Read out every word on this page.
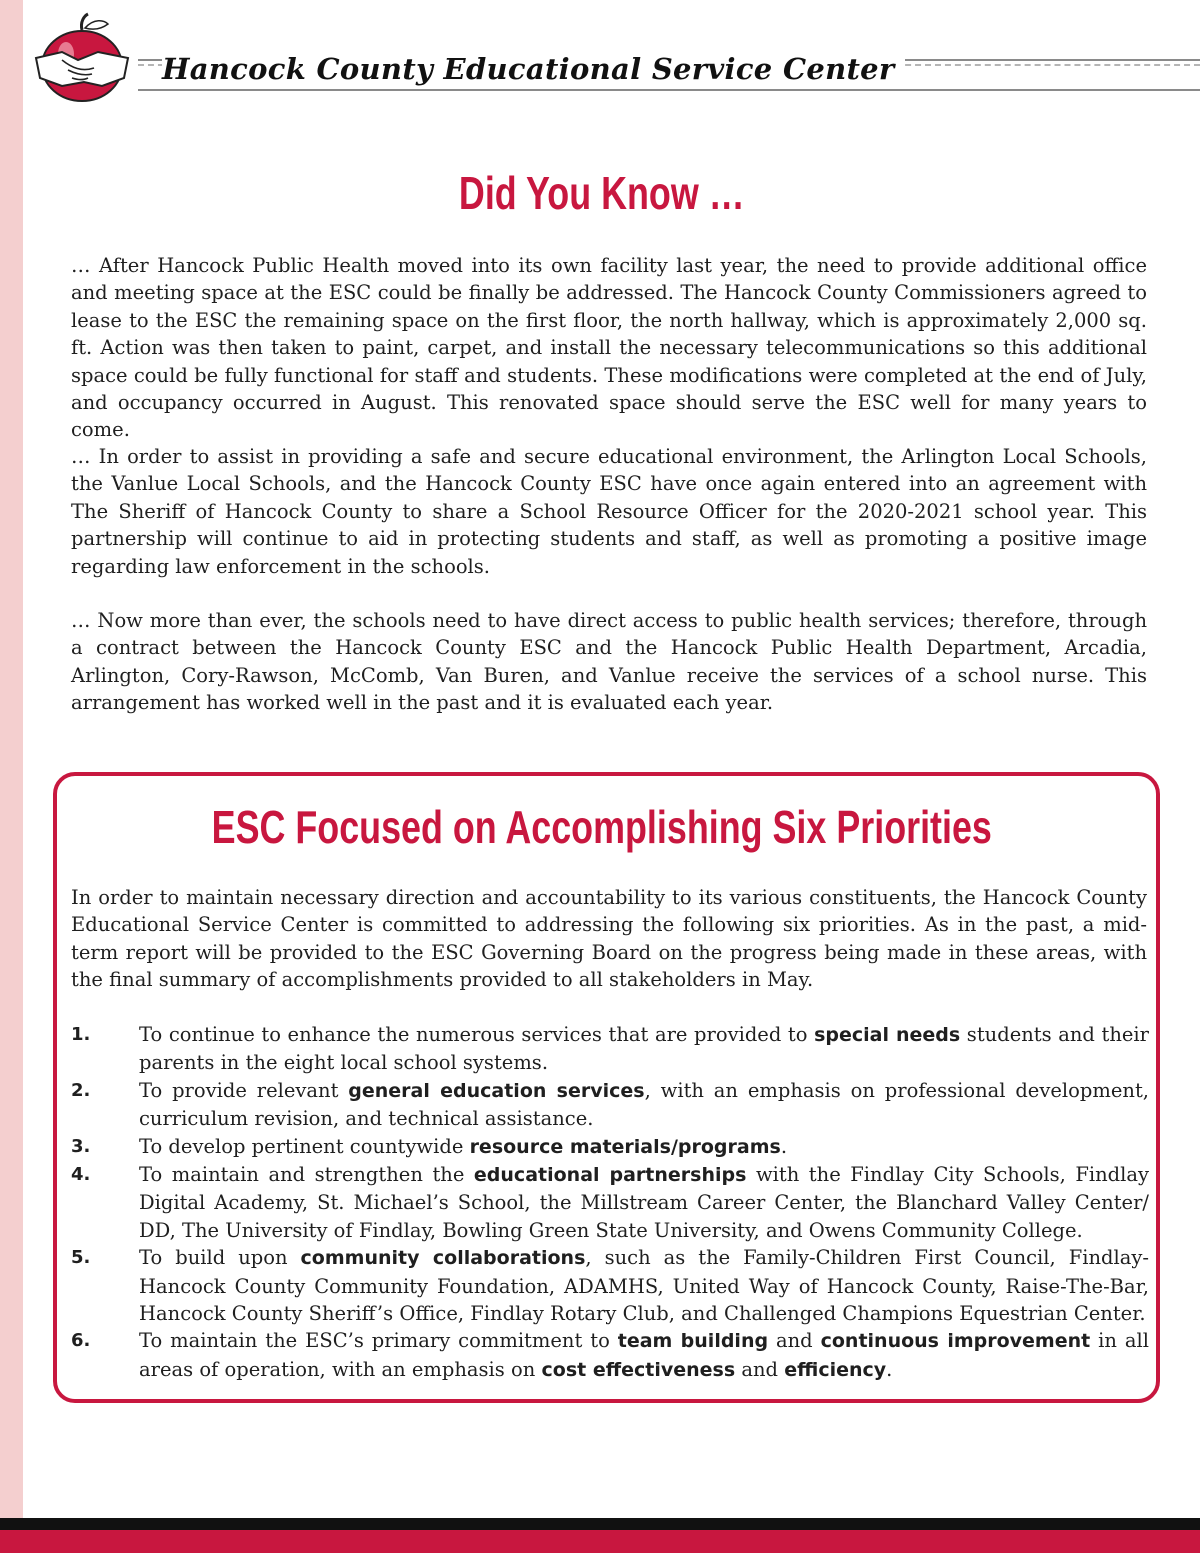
Hancock County Educational Service Center
Did You Know …

… After Hancock Public Health moved into its own facility last year, the need to provide additional office and meeting space at the ESC could be finally be addressed. The Hancock County Commissioners agreed to lease to the ESC the remaining space on the first floor, the north hallway, which is approximately 2,000 sq. ft. Action was then taken to paint, carpet, and install the necessary telecommunications so this additional space could be fully functional for staff and students. These modifications were completed at the end of July, and occupancy occurred in August. This renovated space should serve the ESC well for many years to come.

… In order to assist in providing a safe and secure educational environment, the Arlington Local Schools, the Vanlue Local Schools, and the Hancock County ESC have once again entered into an agreement with The Sheriff of Hancock County to share a School Resource Officer for the 2020-2021 school year. This partnership will continue to aid in protecting students and staff, as well as promoting a positive image regarding law enforcement in the schools.

… Now more than ever, the schools need to have direct access to public health services; therefore, through a contract between the Hancock County ESC and the Hancock Public Health Department, Arcadia, Arlington, Cory-Rawson, McComb, Van Buren, and Vanlue receive the services of a school nurse. This arrangement has worked well in the past and it is evaluated each year.

ESC Focused on Accomplishing Six Priorities

In order to maintain necessary direction and accountability to its various constituents, the Hancock County Educational Service Center is committed to addressing the following six priorities. As in the past, a mid-term report will be provided to the ESC Governing Board on the progress being made in these areas, with the final summary of accomplishments provided to all stakeholders in May.

1. To continue to enhance the numerous services that are provided to special needs students and their parents in the eight local school systems.
2. To provide relevant general education services, with an emphasis on professional development, curriculum revision, and technical assistance.
3. To develop pertinent countywide resource materials/programs.
4. To maintain and strengthen the educational partnerships with the Findlay City Schools, Findlay Digital Academy, St. Michael’s School, the Millstream Career Center, the Blanchard Valley Center/ DD, The University of Findlay, Bowling Green State University, and Owens Community College.
5. To build upon community collaborations, such as the Family-Children First Council, Findlay-Hancock County Community Foundation, ADAMHS, United Way of Hancock County, Raise-The-Bar, Hancock County Sheriff’s Office, Findlay Rotary Club, and Challenged Champions Equestrian Center.
6. To maintain the ESC’s primary commitment to team building and continuous improvement in all areas of operation, with an emphasis on cost effectiveness and efficiency.
